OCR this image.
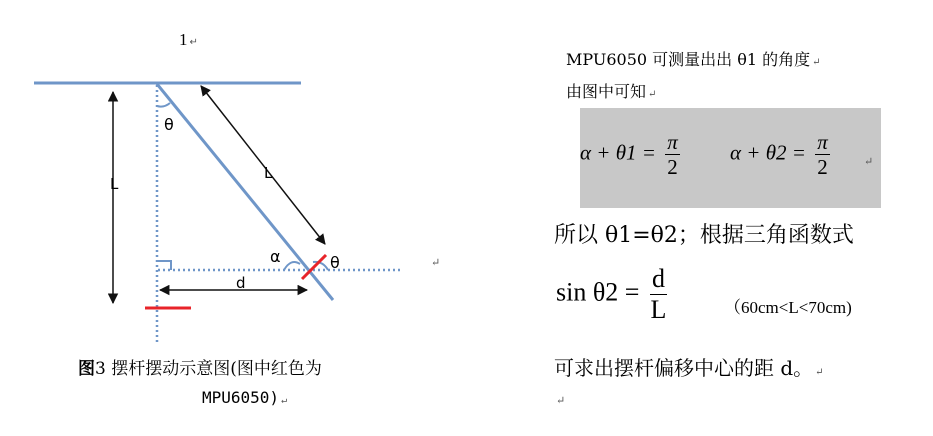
1 ↵
L
L
θ
α	θ
d
↵
图3 摆杆摆动示意图(图中红色为
MPU6050) ↵
MPU6050 可测量出出 θ1 的角度 ↵
由图中可知 ↵
$\alpha + \theta 1 = \frac{\pi}{2}$ $\alpha + \theta 2 = \frac{\pi}{2}$	↵
所以 θ1=θ2；根据三角函数式
$\sin \theta 2 = \frac{d}{L}$	（60cm<L<70cm)
可求出摆杆偏移中心的距 d。 ↵
↵
